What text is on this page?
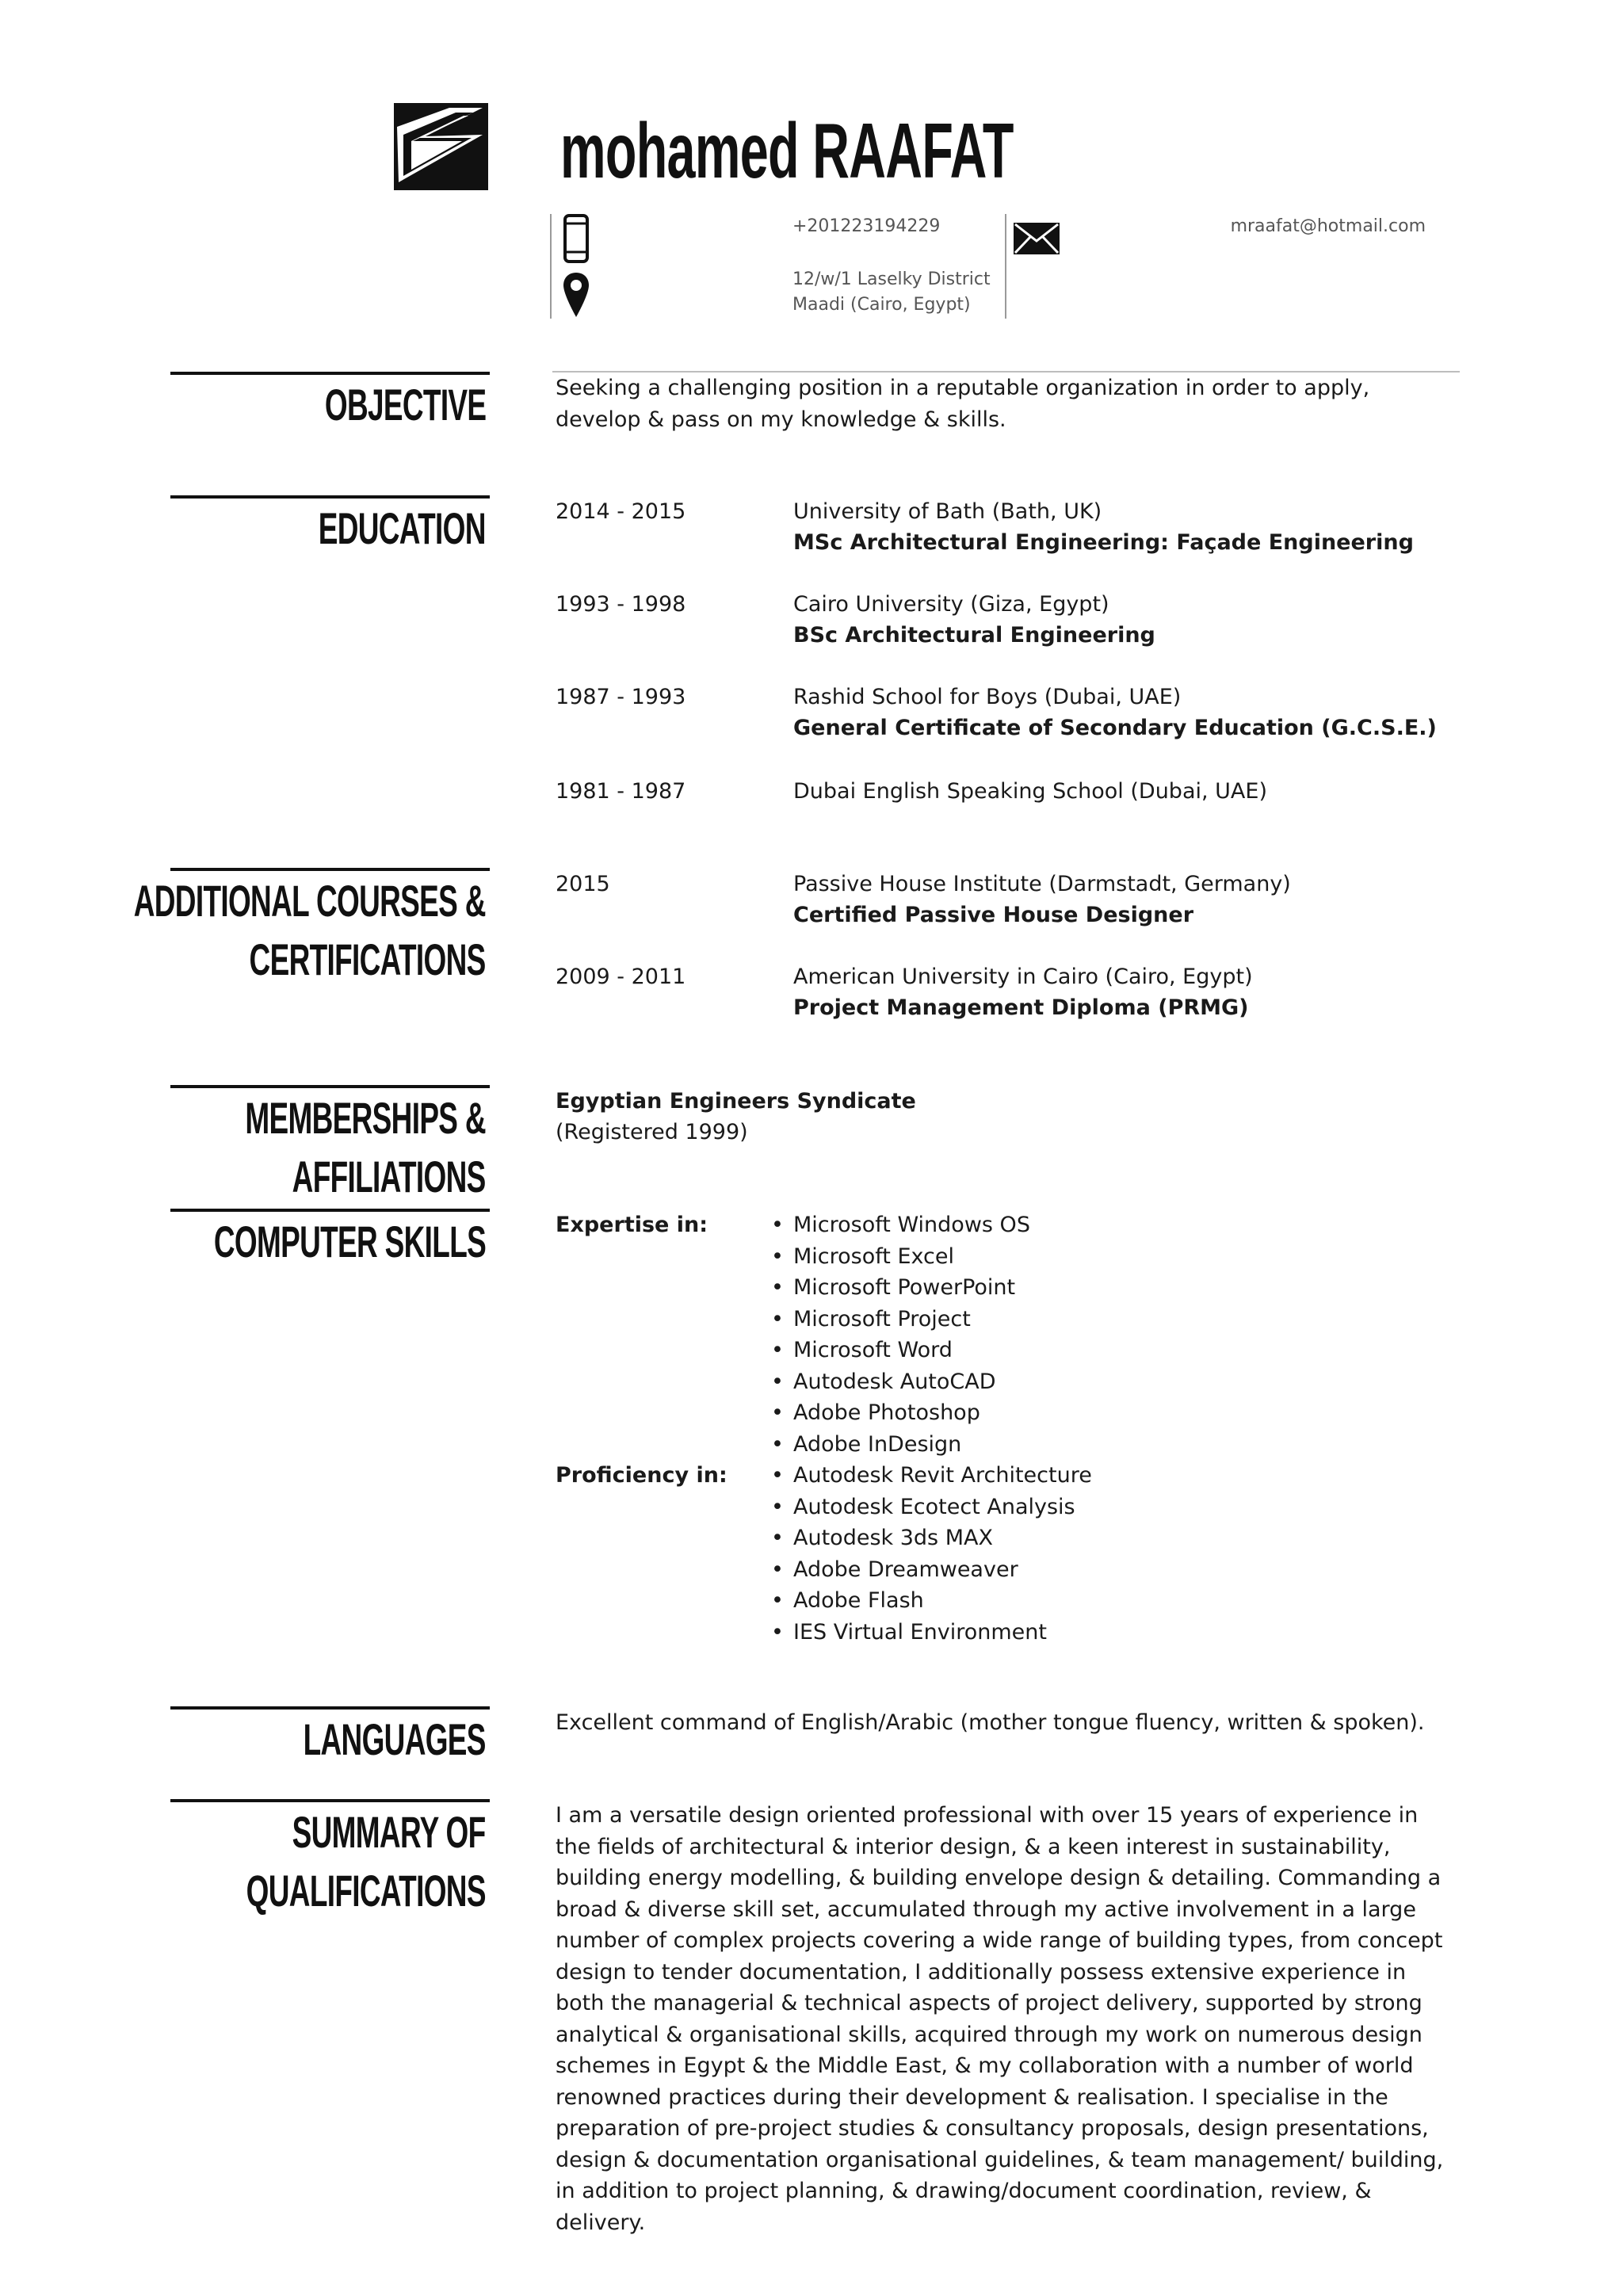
mohamed RAAFAT
+201223194229
12/w/1 Laselky District
Maadi (Cairo, Egypt)
mraafat@hotmail.com
OBJECTIVE	Seeking a challenging position in a reputable organization in order to apply, develop & pass on my knowledge & skills.
EDUCATION	2014 - 2015	University of Bath (Bath, UK)
MSc Architectural Engineering: Façade Engineering
1993 - 1998	Cairo University (Giza, Egypt)
BSc Architectural Engineering
1987 - 1993	Rashid School for Boys (Dubai, UAE)
General Certificate of Secondary Education (G.C.S.E.)
1981 - 1987	Dubai English Speaking School (Dubai, UAE)
ADDITIONAL COURSES &
CERTIFICATIONS
2015	Passive House Institute (Darmstadt, Germany)
Certified Passive House Designer
2009 - 2011	American University in Cairo (Cairo, Egypt)
Project Management Diploma (PRMG)
MEMBERSHIPS &
AFFILIATIONS
Egyptian Engineers Syndicate
(Registered 1999)
COMPUTER SKILLS	Expertise in:	• Microsoft Windows OS
• Microsoft Excel
• Microsoft PowerPoint
• Microsoft Project
• Microsoft Word
• Autodesk AutoCAD
• Adobe Photoshop
• Adobe InDesign
Proficiency in:	• Autodesk Revit Architecture
• Autodesk Ecotect Analysis
• Autodesk 3ds MAX
• Adobe Dreamweaver
• Adobe Flash
• IES Virtual Environment
LANGUAGES	Excellent command of English/Arabic (mother tongue fluency, written & spoken).
SUMMARY OF
QUALIFICATIONS
I am a versatile design oriented professional with over 15 years of experience in the fields of architectural & interior design, & a keen interest in sustainability, building energy modelling, & building envelope design & detailing. Commanding a broad & diverse skill set, accumulated through my active involvement in a large number of complex projects covering a wide range of building types, from concept design to tender documentation, I additionally possess extensive experience in both the managerial & technical aspects of project delivery, supported by strong analytical & organisational skills, acquired through my work on numerous design schemes in Egypt & the Middle East, & my collaboration with a number of world renowned practices during their development & realisation. I specialise in the preparation of pre-project studies & consultancy proposals, design presentations, design & documentation organisational guidelines, & team management/ building, in addition to project planning, & drawing/document coordination, review, & delivery.
